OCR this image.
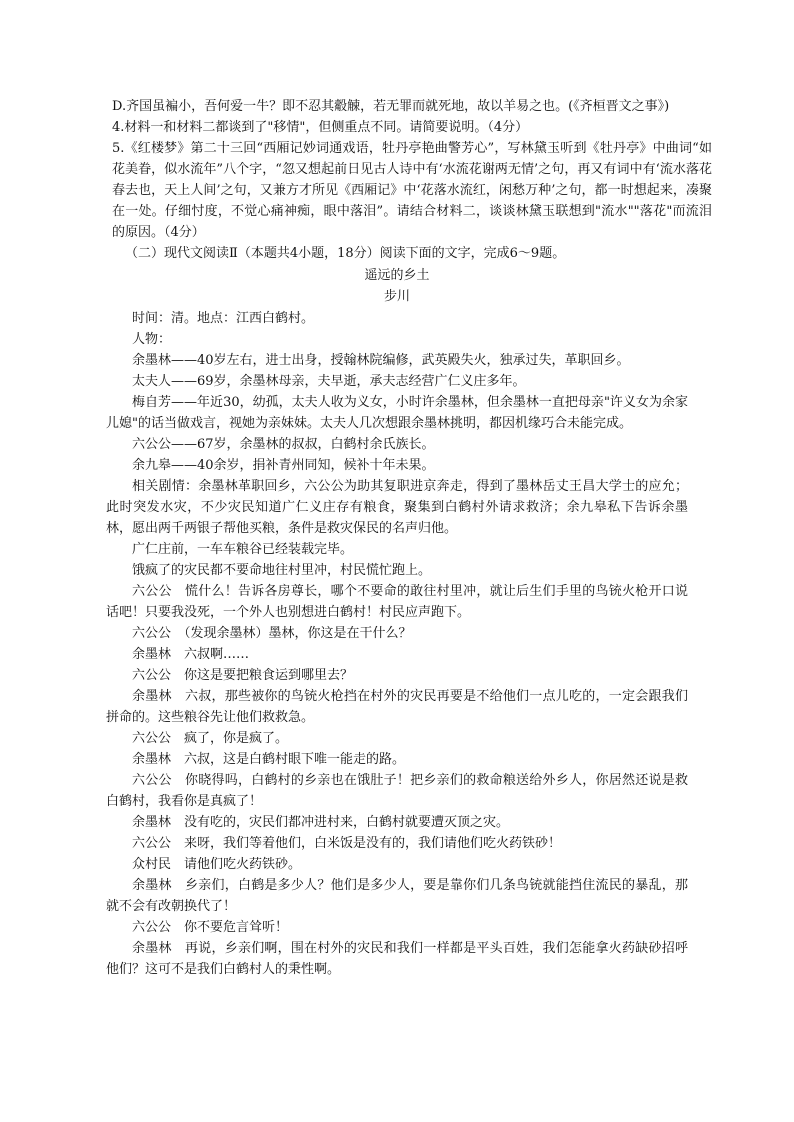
D.齐国虽褊小，吾何爱一牛？即不忍其觳觫，若无罪而就死地，故以羊易之也。(《齐桓晋文之事》)

4.材料一和材料二都谈到了"移情"，但侧重点不同。请简要说明。（4分）

5.《红楼梦》第二十三回“西厢记妙词通戏语，牡丹亭艳曲警芳心”，写林黛玉听到《牡丹亭》中曲词“如花美眷，似水流年”八个字，“忽又想起前日见古人诗中有‘水流花谢两无情’之句，再又有词中有‘流水落花春去也，天上人间’之句，又兼方才所见《西厢记》中‘花落水流红，闲愁万种’之句，都一时想起来，凑聚在一处。仔细忖度，不觉心痛神痴，眼中落泪”。请结合材料二，谈谈林黛玉联想到"流水""落花"而流泪的原因。（4分）

（二）现代文阅读Ⅱ（本题共4小题，18分）阅读下面的文字，完成6～9题。

遥远的乡土

步川

时间：清。地点：江西白鹤村。

人物：

余墨林——40岁左右，进士出身，授翰林院编修，武英殿失火，独承过失，革职回乡。

太夫人——69岁，余墨林母亲，夫早逝，承夫志经营广仁义庄多年。

梅自芳——年近30，幼孤，太夫人收为义女，小时许余墨林，但余墨林一直把母亲"许义女为余家儿媳"的话当做戏言，视她为亲妹妹。太夫人几次想跟余墨林挑明，都因机缘巧合未能完成。

六公公——67岁，余墨林的叔叔，白鹤村余氏族长。

余九皋——40余岁，捐补青州同知，候补十年未果。

相关剧情：余墨林革职回乡，六公公为助其复职进京奔走，得到了墨林岳丈王昌大学士的应允；此时突发水灾，不少灾民知道广仁义庄存有粮食，聚集到白鹤村外请求救济；余九皋私下告诉余墨林，愿出两千两银子帮他买粮，条件是救灾保民的名声归他。

广仁庄前，一车车粮谷已经装载完毕。

饿疯了的灾民都不要命地往村里冲，村民慌忙跑上。

六公公　慌什么！告诉各房尊长，哪个不要命的敢往村里冲，就让后生们手里的鸟铳火枪开口说话吧！只要我没死，一个外人也别想进白鹤村！村民应声跑下。

六公公　（发现余墨林）墨林，你这是在干什么？

余墨林　六叔啊……

六公公　你这是要把粮食运到哪里去？

余墨林　六叔，那些被你的鸟铳火枪挡在村外的灾民再要是不给他们一点儿吃的，一定会跟我们拼命的。这些粮谷先让他们救救急。

六公公　疯了，你是疯了。

余墨林　六叔，这是白鹤村眼下唯一能走的路。

六公公　你晓得吗，白鹤村的乡亲也在饿肚子！把乡亲们的救命粮送给外乡人，你居然还说是救白鹤村，我看你是真疯了！

余墨林　没有吃的，灾民们都冲进村来，白鹤村就要遭灭顶之灾。

六公公　来呀，我们等着他们，白米饭是没有的，我们请他们吃火药铁砂！

众村民　请他们吃火药铁砂。

余墨林　乡亲们，白鹤是多少人？他们是多少人，要是靠你们几条鸟铳就能挡住流民的暴乱，那就不会有改朝换代了！

六公公　你不要危言耸听！

余墨林　再说，乡亲们啊，围在村外的灾民和我们一样都是平头百姓，我们怎能拿火药缺砂招呼他们？这可不是我们白鹤村人的秉性啊。
